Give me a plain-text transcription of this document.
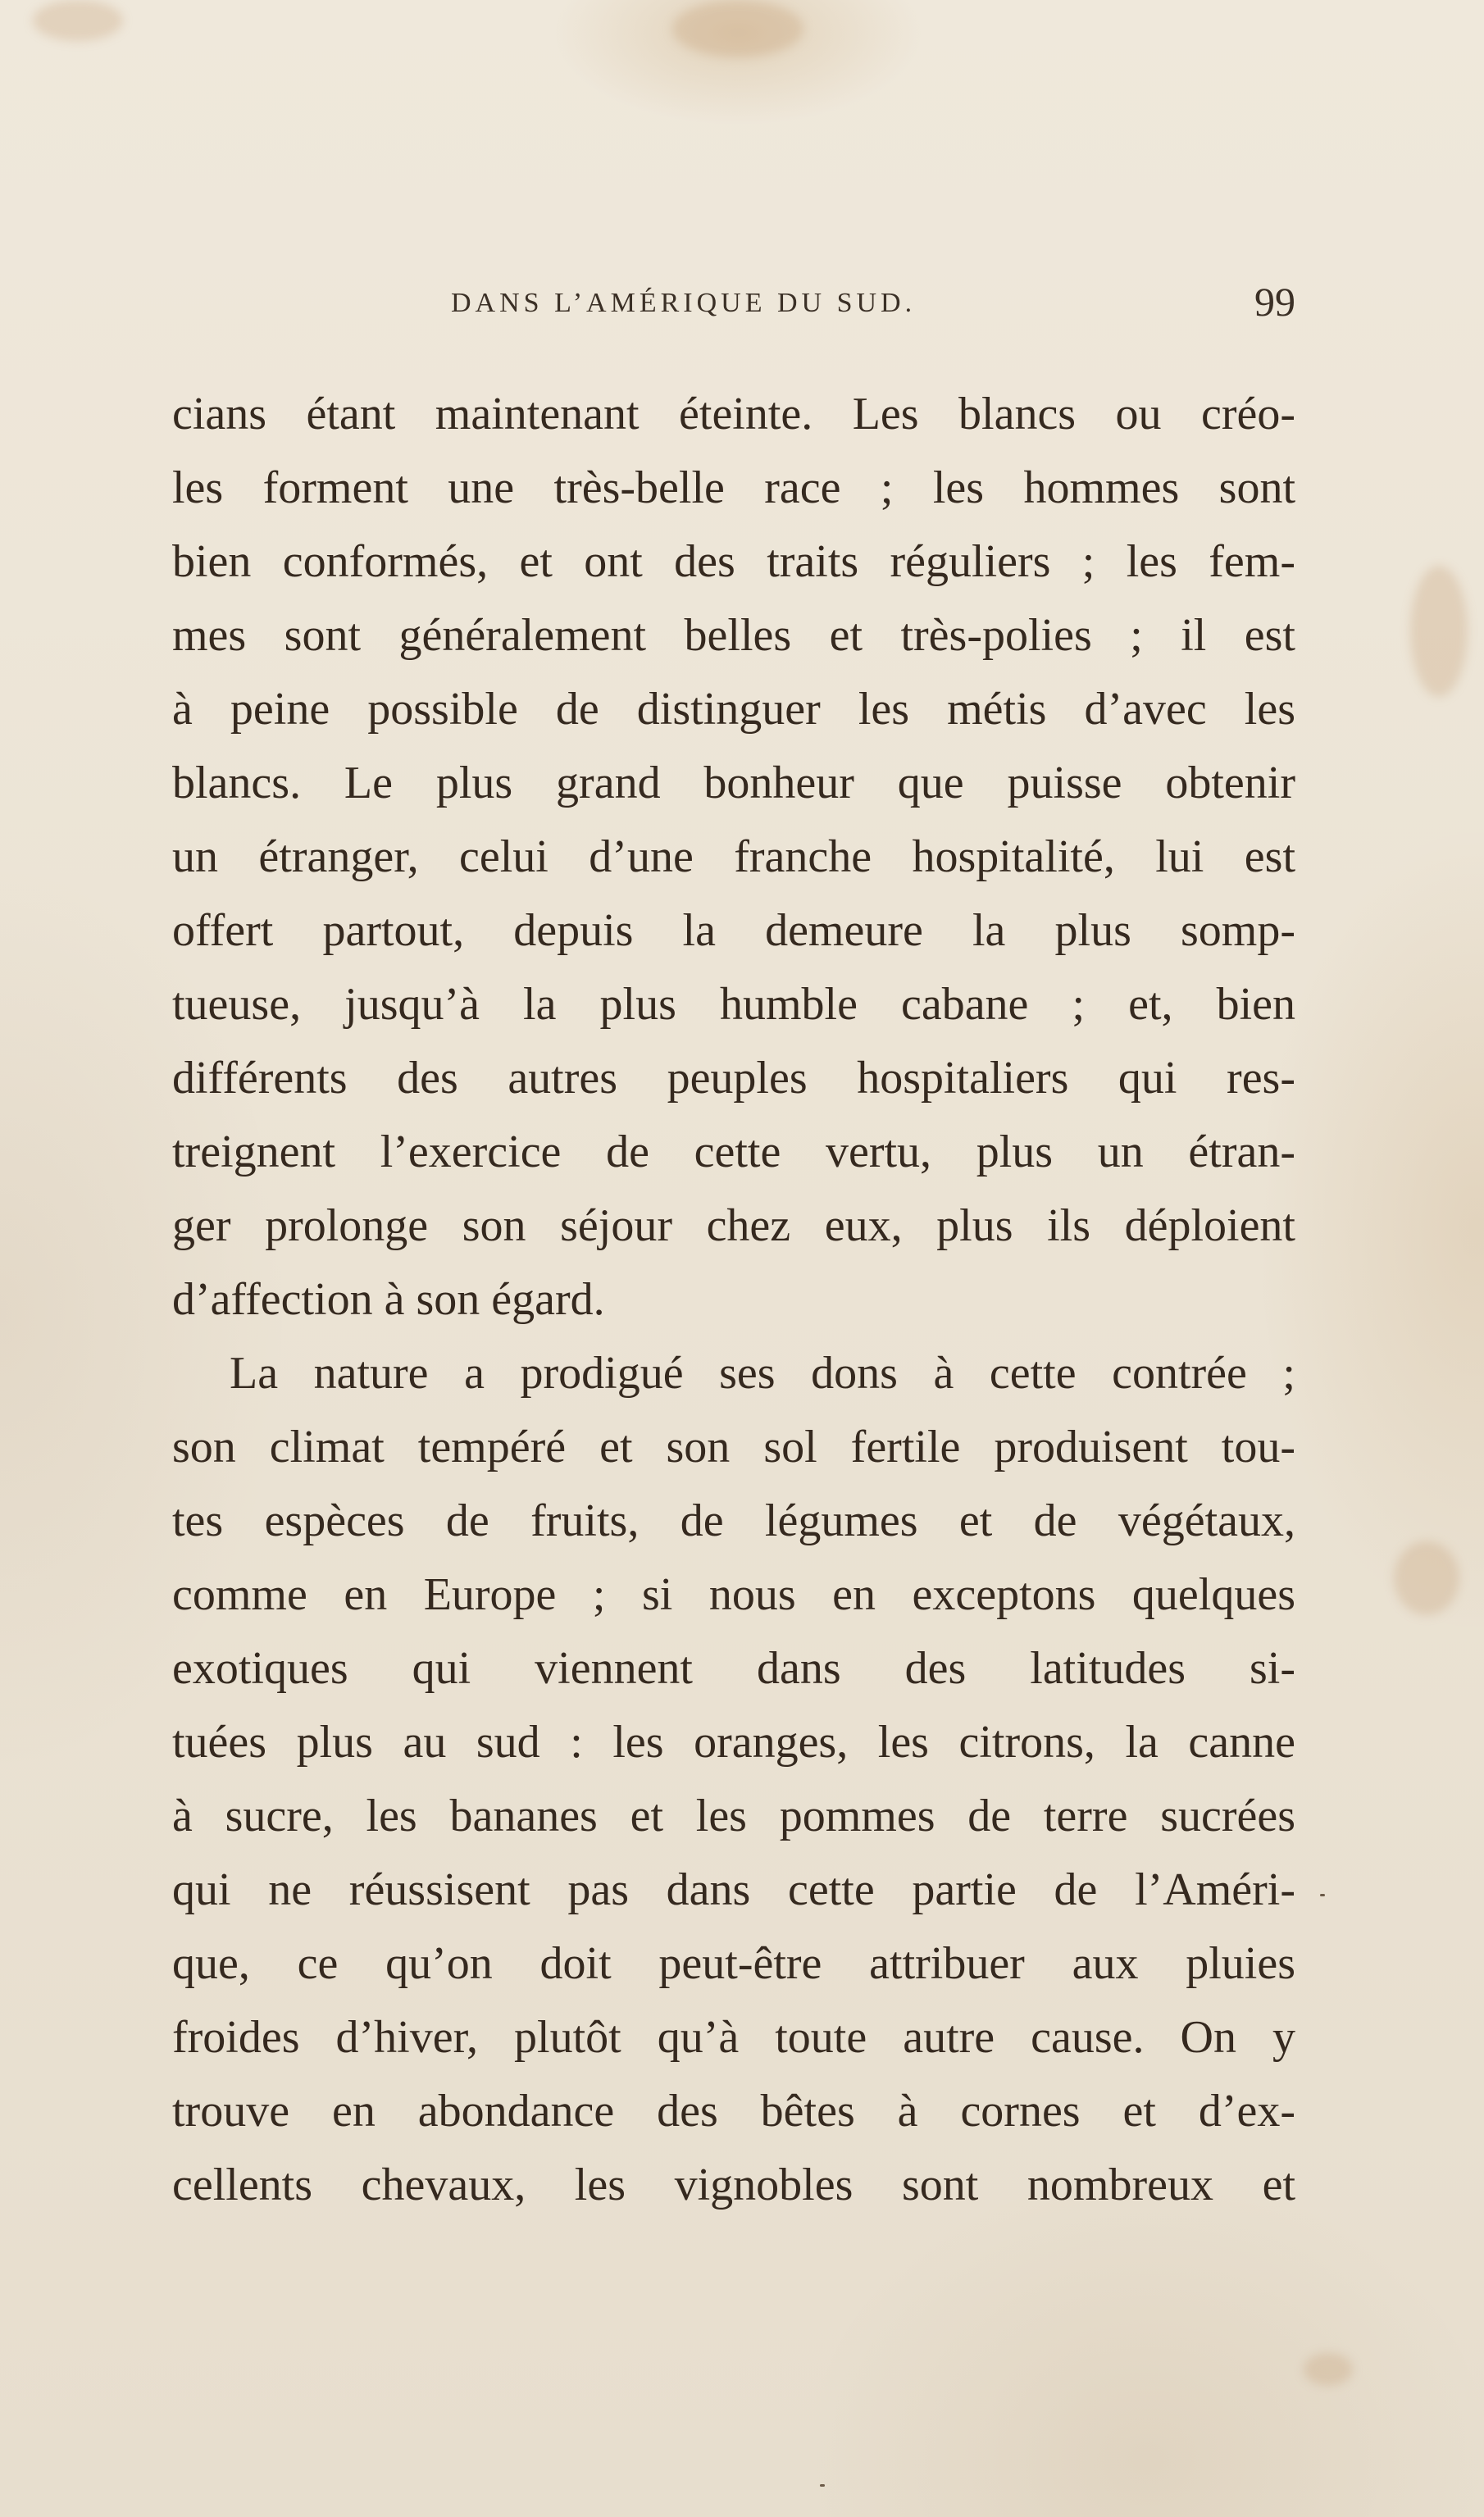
DANS L’AMÉRIQUE DU SUD.	99
cians étant maintenant éteinte. Les blancs ou créo-
les forment une très-belle race ; les hommes sont
bien conformés, et ont des traits réguliers ; les fem-
mes sont généralement belles et très-polies ; il est
à peine possible de distinguer les métis d’avec les
blancs. Le plus grand bonheur que puisse obtenir
un étranger, celui d’une franche hospitalité, lui est
offert partout, depuis la demeure la plus somp-
tueuse, jusqu’à la plus humble cabane ; et, bien
différents des autres peuples hospitaliers qui res-
treignent l’exercice de cette vertu, plus un étran-
ger prolonge son séjour chez eux, plus ils déploient
d’affection à son égard.
La nature a prodigué ses dons à cette contrée ;
son climat tempéré et son sol fertile produisent tou-
tes espèces de fruits, de légumes et de végétaux,
comme en Europe ; si nous en exceptons quelques
exotiques qui viennent dans des latitudes si-
tuées plus au sud : les oranges, les citrons, la canne
à sucre, les bananes et les pommes de terre sucrées
qui ne réussisent pas dans cette partie de l’Améri-
que, ce qu’on doit peut-être attribuer aux pluies
froides d’hiver, plutôt qu’à toute autre cause. On y
trouve en abondance des bêtes à cornes et d’ex-
cellents chevaux, les vignobles sont nombreux et
